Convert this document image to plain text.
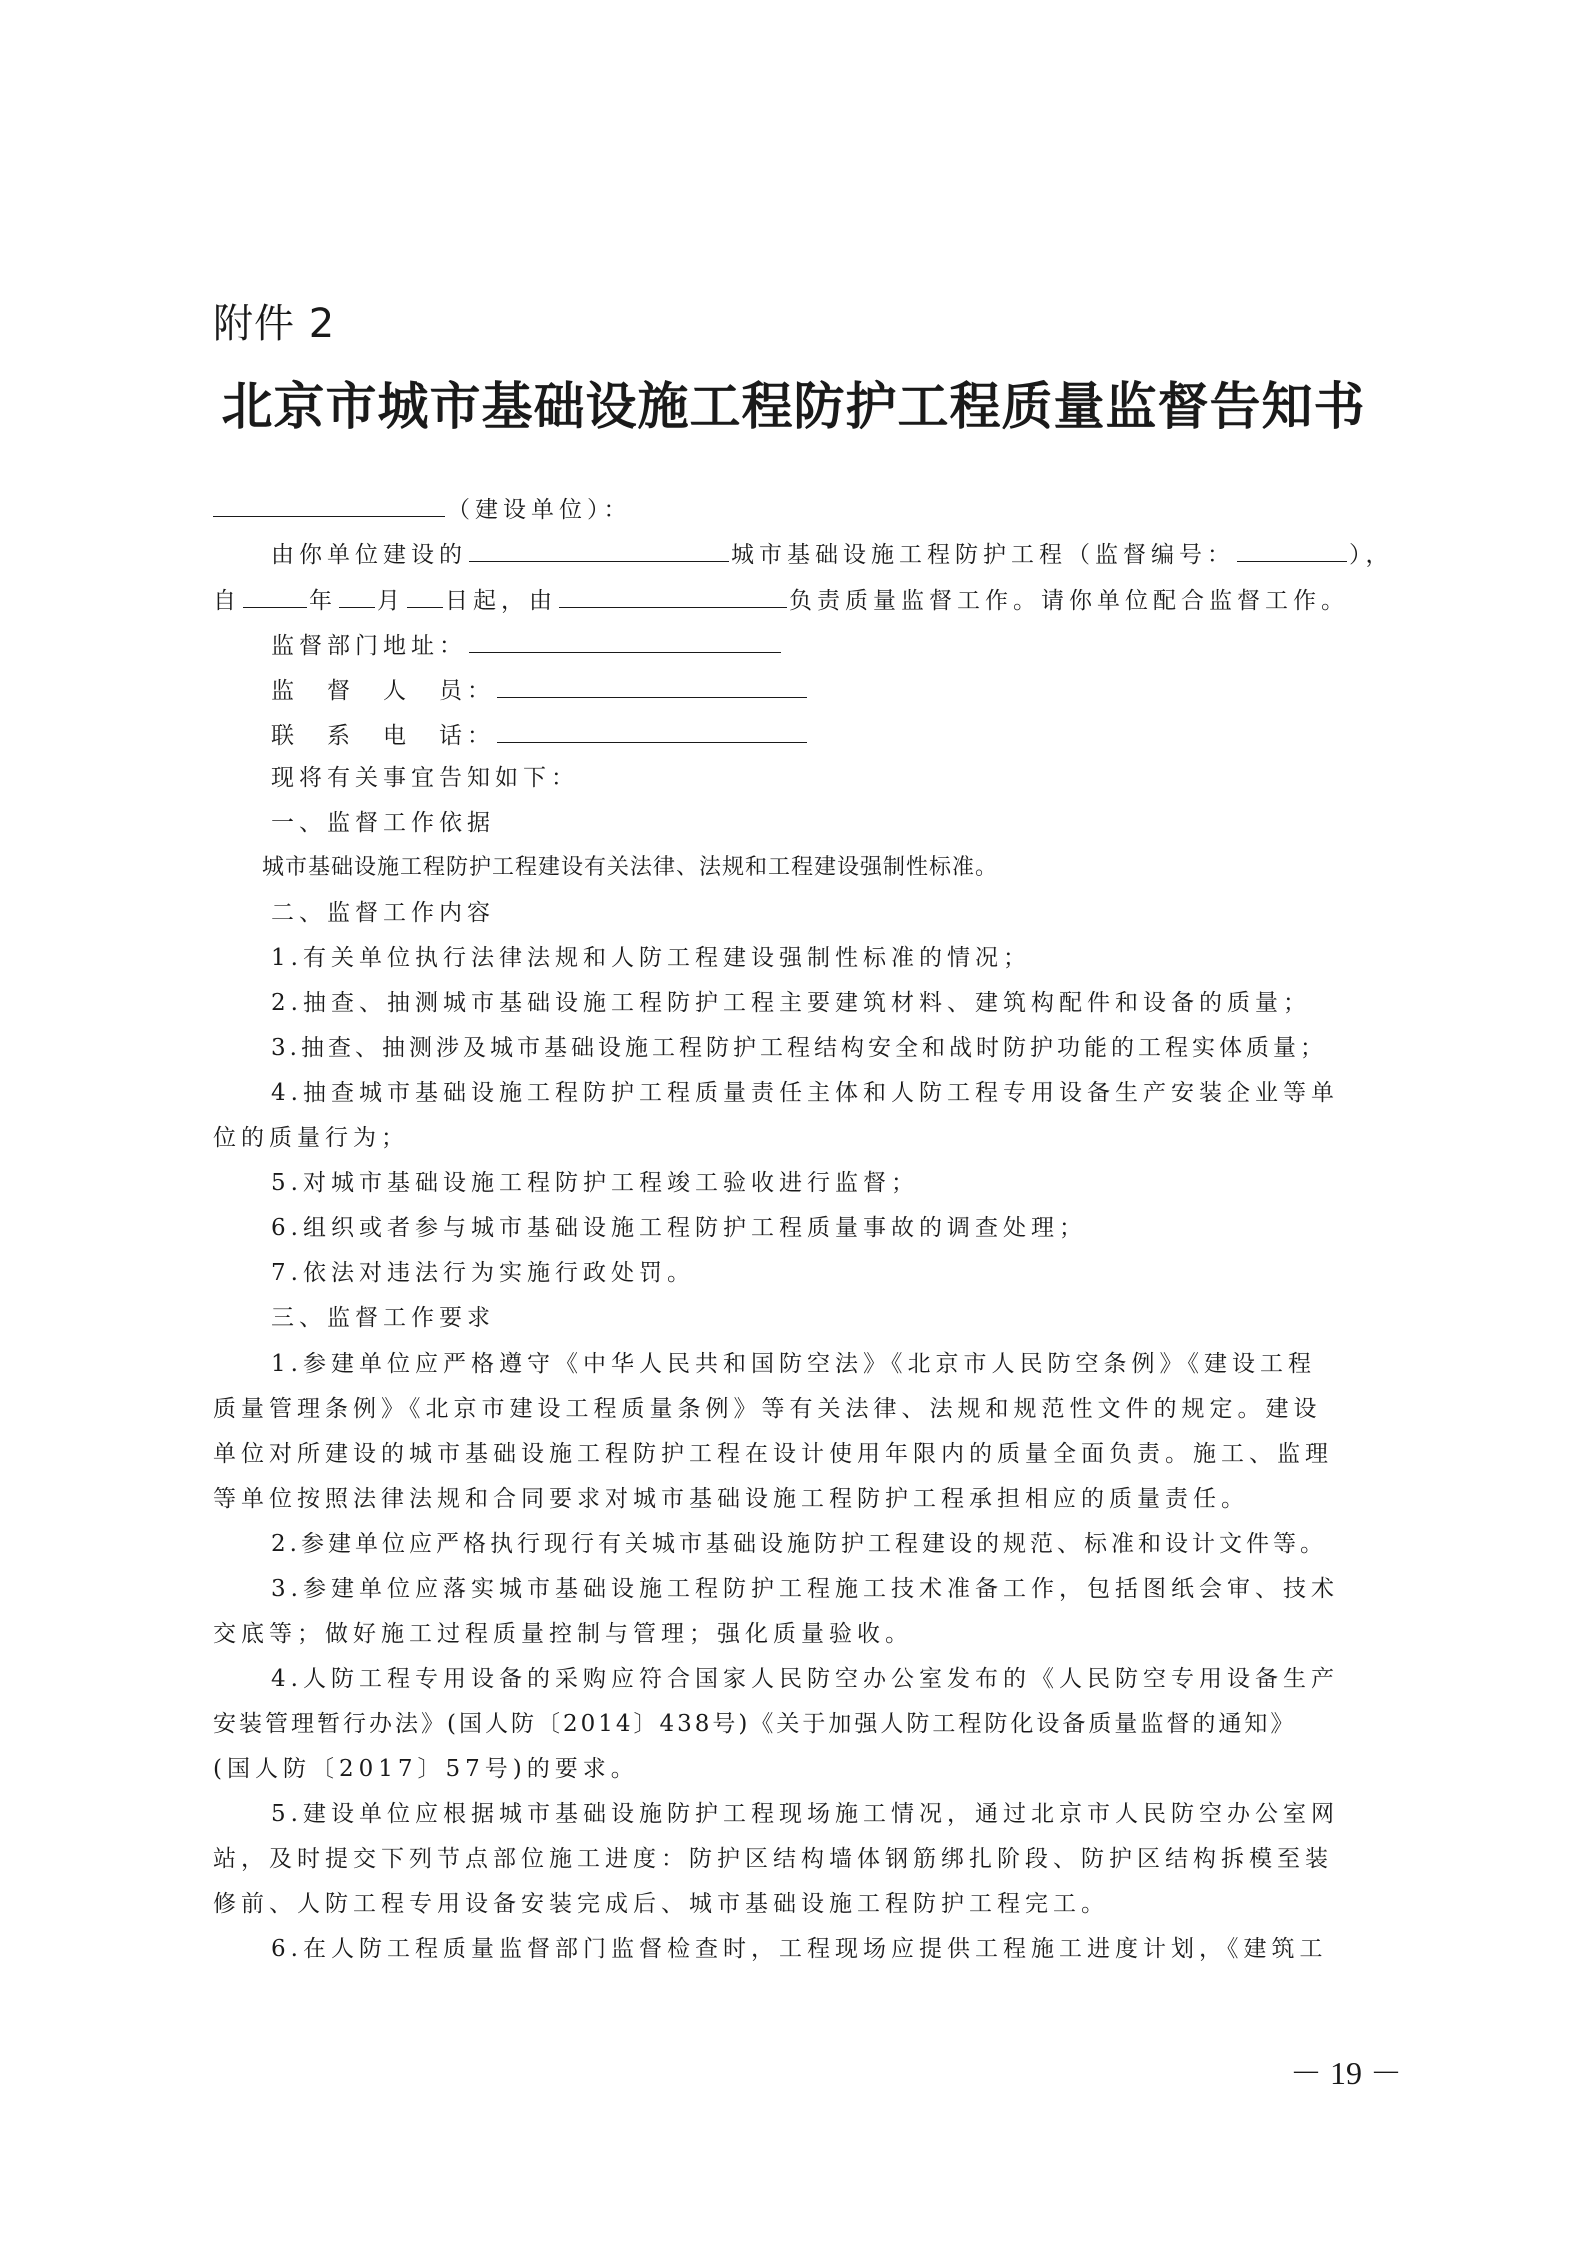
附件 2
北京市城市基础设施工程防护工程质量监督告知书
（建设单位）：
由你单位建设的	城市基础设施工程防护工程（监督编号：	），
自	年 月 日起，由	负责质量监督工作。请你单位配合监督工作。
监督部门地址：
监　督　人　员：
联　系　电　话：
现将有关事宜告知如下：
一、监督工作依据
城市基础设施工程防护工程建设有关法律、法规和工程建设强制性标准。
二、监督工作内容
1.有关单位执行法律法规和人防工程建设强制性标准的情况；
2.抽查、抽测城市基础设施工程防护工程主要建筑材料、建筑构配件和设备的质量；
3.抽查、抽测涉及城市基础设施工程防护工程结构安全和战时防护功能的工程实体质量；
4.抽查城市基础设施工程防护工程质量责任主体和人防工程专用设备生产安装企业等单
位的质量行为；
5.对城市基础设施工程防护工程竣工验收进行监督；
6.组织或者参与城市基础设施工程防护工程质量事故的调查处理；
7.依法对违法行为实施行政处罚。
三、监督工作要求
1.参建单位应严格遵守《中华人民共和国防空法》《北京市人民防空条例》《建设工程
质量管理条例》《北京市建设工程质量条例》等有关法律、法规和规范性文件的规定。建设
单位对所建设的城市基础设施工程防护工程在设计使用年限内的质量全面负责。施工、监理
等单位按照法律法规和合同要求对城市基础设施工程防护工程承担相应的质量责任。
2.参建单位应严格执行现行有关城市基础设施防护工程建设的规范、标准和设计文件等。
3.参建单位应落实城市基础设施工程防护工程施工技术准备工作，包括图纸会审、技术
交底等；做好施工过程质量控制与管理；强化质量验收。
4.人防工程专用设备的采购应符合国家人民防空办公室发布的《人民防空专用设备生产
安装管理暂行办法》(国人防〔2014〕438号)《关于加强人防工程防化设备质量监督的通知》
(国人防〔2017〕57号)的要求。
5.建设单位应根据城市基础设施防护工程现场施工情况，通过北京市人民防空办公室网
站，及时提交下列节点部位施工进度：防护区结构墙体钢筋绑扎阶段、防护区结构拆模至装
修前、人防工程专用设备安装完成后、城市基础设施工程防护工程完工。
6.在人防工程质量监督部门监督检查时，工程现场应提供工程施工进度计划，《建筑工
－ 19 －
